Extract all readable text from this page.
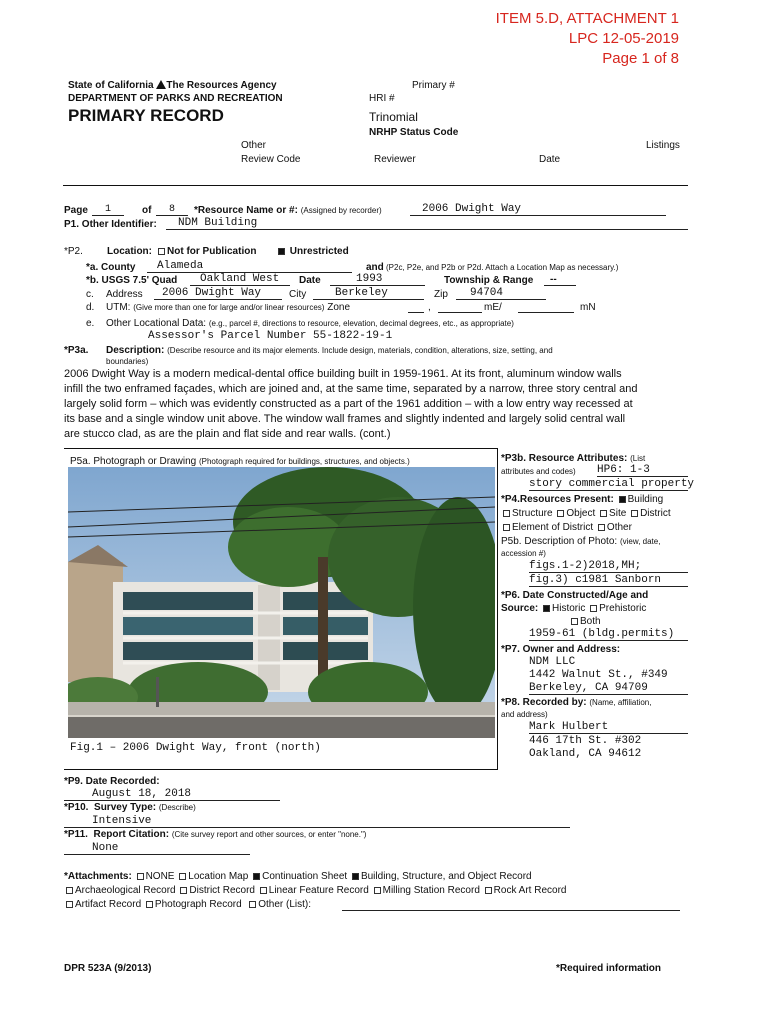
ITEM 5.D, ATTACHMENT 1
LPC 12-05-2019
Page 1 of 8
State of California The Resources Agency
DEPARTMENT OF PARKS AND RECREATION
PRIMARY RECORD
Primary #
HRI #
Trinomial
NRHP Status Code
Other	Listings
Review Code	Reviewer	Date
Page	1	of	8	*Resource Name or #: (Assigned by recorder)	2006 Dwight Way
P1. Other Identifier:	NDM Building
*P2. Location:	Not for Publication	Unrestricted
*a. County	Alameda	and (P2c, P2e, and P2b or P2d. Attach a Location Map as necessary.)
*b. USGS 7.5' Quad	Oakland West	Date	1993	Township & Range	--
c. Address	2006 Dwight Way	City	Berkeley	Zip	94704
d. UTM: (Give more than one for large and/or linear resources) Zone	,	mE/	mN
e. Other Locational Data: (e.g., parcel #, directions to resource, elevation, decimal degrees, etc., as appropriate)
Assessor's Parcel Number 55-1822-19-1
*P3a. Description: (Describe resource and its major elements. Include design, materials, condition, alterations, size, setting, and
boundaries)
2006 Dwight Way is a modern medical-dental office building built in 1959-1961. At its front, aluminum window walls
infill the two enframed façades, which are joined and, at the same time, separated by a narrow, three story central and
largely solid form – which was evidently constructed as a part of the 1961 addition – with a low entry way recessed at
its base and a single window unit above. The window wall frames and slightly indented and largely solid central wall
are stucco clad, as are the plain and flat side and rear walls. (cont.)
P5a. Photograph or Drawing (Photograph required for buildings, structures, and objects.)
Fig.1 – 2006 Dwight Way, front (north)
*P3b. Resource Attributes: (List
attributes and codes) HP6: 1-3
story commercial property
*P4.Resources Present: Building
Structure Object Site District
Element of District Other
P5b. Description of Photo: (view, date,
accession #)
figs.1-2)2018,MH;
fig.3) c1981 Sanborn
*P6. Date Constructed/Age and
Source: Historic Prehistoric
Both
1959-61 (bldg.permits)
*P7. Owner and Address:
NDM LLC
1442 Walnut St., #349
Berkeley, CA 94709
*P8. Recorded by: (Name, affiliation,
and address)
Mark Hulbert
446 17th St. #302
Oakland, CA 94612
*P9. Date Recorded:
August 18, 2018
*P10. Survey Type: (Describe)
Intensive
*P11. Report Citation: (Cite survey report and other sources, or enter "none.")
None
*Attachments: NONE Location Map Continuation Sheet Building, Structure, and Object Record
Archaeological Record District Record Linear Feature Record Milling Station Record Rock Art Record
Artifact Record Photograph Record Other (List):
DPR 523A (9/2013)	*Required information
